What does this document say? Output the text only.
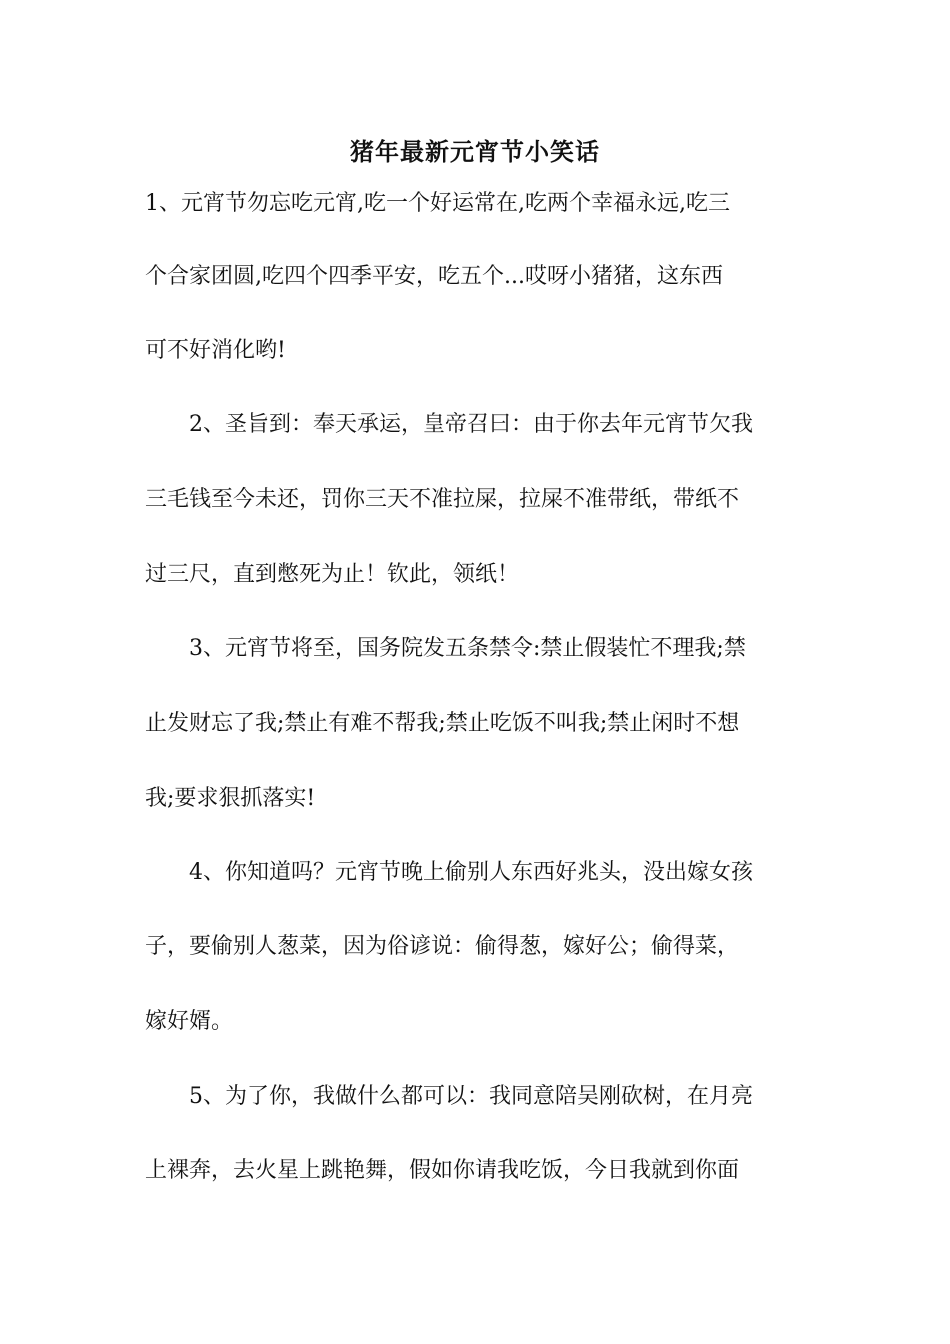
猪年最新元宵节小笑话
1、元宵节勿忘吃元宵,吃一个好运常在,吃两个幸福永远,吃三
个合家团圆,吃四个四季平安，吃五个...哎呀小猪猪，这东西
可不好消化哟!
　　2、圣旨到：奉天承运，皇帝召曰：由于你去年元宵节欠我
三毛钱至今未还，罚你三天不准拉屎，拉屎不准带纸，带纸不
过三尺，直到憋死为止！钦此，领纸！
　　3、元宵节将至，国务院发五条禁令:禁止假装忙不理我;禁
止发财忘了我;禁止有难不帮我;禁止吃饭不叫我;禁止闲时不想
我;要求狠抓落实!
　　4、你知道吗？元宵节晚上偷别人东西好兆头，没出嫁女孩
子，要偷别人葱菜，因为俗谚说：偷得葱，嫁好公；偷得菜，
嫁好婿。
　　5、为了你，我做什么都可以：我同意陪吴刚砍树，在月亮
上裸奔，去火星上跳艳舞，假如你请我吃饭，今日我就到你面
